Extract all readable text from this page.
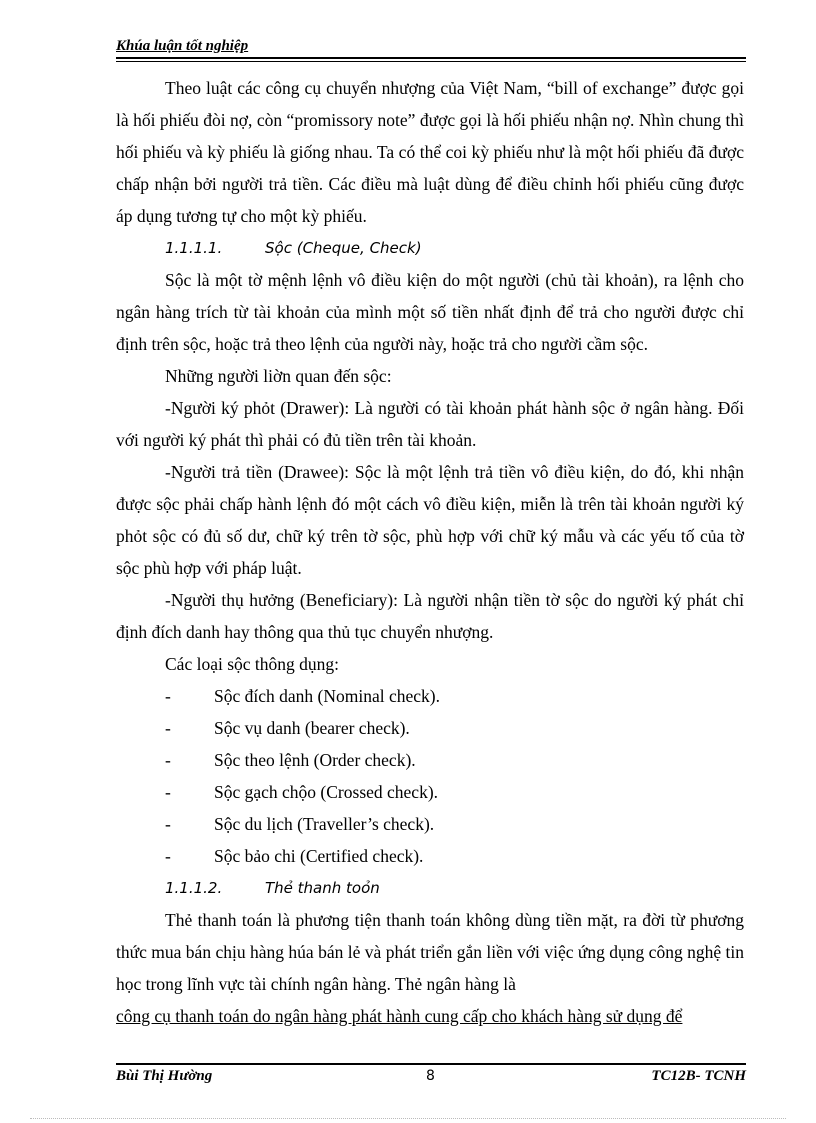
Khúa luận tốt nghiệp

Theo luật các công cụ chuyển nhượng của Việt Nam, “bill of exchange” được gọi là hối phiếu đòi nợ, còn “promissory note” được gọi là hối phiếu nhận nợ. Nhìn chung thì hối phiếu và kỳ phiếu là giống nhau. Ta có thể coi kỳ phiếu như là một hối phiếu đã được chấp nhận bởi người trả tiền. Các điều mà luật dùng để điều chỉnh hối phiếu cũng được áp dụng tương tự cho một kỳ phiếu.

1.1.1.1.	Sộc (Cheque, Check)

Sộc là một tờ mệnh lệnh vô điều kiện do một người (chủ tài khoản), ra lệnh cho ngân hàng trích từ tài khoản của mình một số tiền nhất định để trả cho người được chỉ định trên sộc, hoặc trả theo lệnh của người này, hoặc trả cho người cầm sộc.

Những người liờn quan đến sộc:

-Người ký phỏt (Drawer): Là người có tài khoản phát hành sộc ở ngân hàng. Đối với người ký phát thì phải có đủ tiền trên tài khoản.

-Người trả tiền (Drawee): Sộc là một lệnh trả tiền vô điều kiện, do đó, khi nhận được sộc phải chấp hành lệnh đó một cách vô điều kiện, miễn là trên tài khoản người ký phỏt sộc có đủ số dư, chữ ký trên tờ sộc, phù hợp với chữ ký mẫu và các yếu tố của tờ sộc phù hợp với pháp luật.

-Người thụ hưởng (Beneficiary): Là người nhận tiền tờ sộc do người ký phát chỉ định đích danh hay thông qua thủ tục chuyển nhượng.

Các loại sộc thông dụng:

- Sộc đích danh (Nominal check).

- Sộc vụ danh (bearer check).

- Sộc theo lệnh (Order check).

- Sộc gạch chộo (Crossed check).

- Sộc du lịch (Traveller’s check).

- Sộc bảo chi (Certified check).

1.1.1.2.	Thẻ thanh toỏn

Thẻ thanh toán là phương tiện thanh toán không dùng tiền mặt, ra đời từ phương thức mua bán chịu hàng húa bán lẻ và phát triển gắn liền với việc ứng dụng công nghệ tin học trong lĩnh vực tài chính ngân hàng. Thẻ ngân hàng là

công cụ thanh toán do ngân hàng phát hành cung cấp cho khách hàng sử dụng để

Bùi Thị Hường	8	TC12B- TCNH
